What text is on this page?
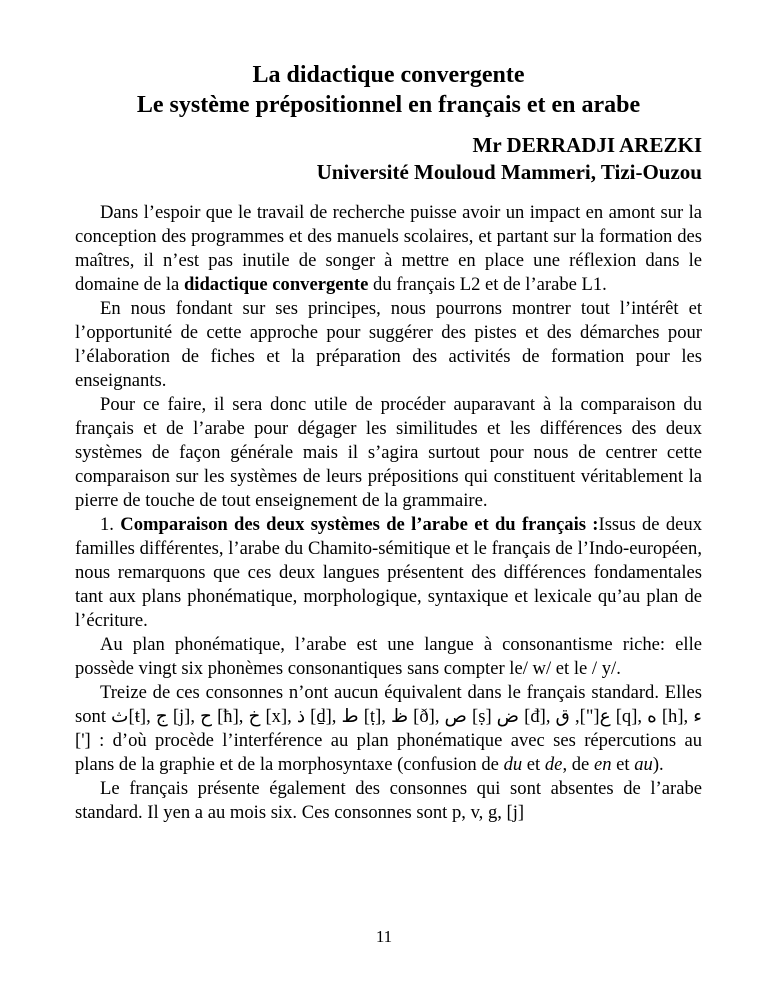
La didactique convergente

Le système prépositionnel en français et en arabe

Mr DERRADJI AREZKI

Université Mouloud Mammeri, Tizi-Ouzou

Dans l’espoir que le travail de recherche puisse avoir un impact en amont sur la conception des programmes et des manuels scolaires, et partant sur la formation des maîtres, il n’est pas inutile de songer à mettre en place une réflexion dans le domaine de la didactique convergente du français L2 et de l’arabe L1.

En nous fondant sur ses principes, nous pourrons montrer tout l’intérêt et l’opportunité de cette approche pour suggérer des pistes et des démarches pour l’élaboration de fiches et la préparation des activités de formation pour les enseignants.

Pour ce faire, il sera donc utile de procéder auparavant à la comparaison du français et de l’arabe pour dégager les similitudes et les différences des deux systèmes de façon générale mais il s’agira surtout pour nous de centrer cette comparaison sur les systèmes de leurs prépositions qui constituent véritablement la pierre de touche de tout enseignement de la grammaire.

1. Comparaison des deux systèmes de l’arabe et du français :Issus de deux familles différentes, l’arabe du Chamito-sémitique et le français de l’Indo-européen, nous remarquons que ces deux langues présentent des différences fondamentales tant aux plans phonématique, morphologique, syntaxique et lexicale qu’au plan de l’écriture.

Au plan phonématique, l’arabe est une langue à consonantisme riche: elle possède vingt six phonèmes consonantiques sans compter le/ w/ et le / y/.

Treize de ces consonnes n’ont aucun équivalent dans le français standard. Elles sont ث[ŧ], ج [j], ح [ħ], خ [x], ذ [ḏ], ط [ṭ], ظ [ð], ص [ṣ] ض [đ], ع["], ق [q], ه [h], ء ['] : d’où procède l’interférence au plan phonématique avec ses répercutions au plans de la graphie et de la morphosyntaxe (confusion de du et de, de en et au).

Le français présente également des consonnes qui sont absentes de l’arabe standard. Il yen a au mois six. Ces consonnes sont p, v, g, [j]

11
